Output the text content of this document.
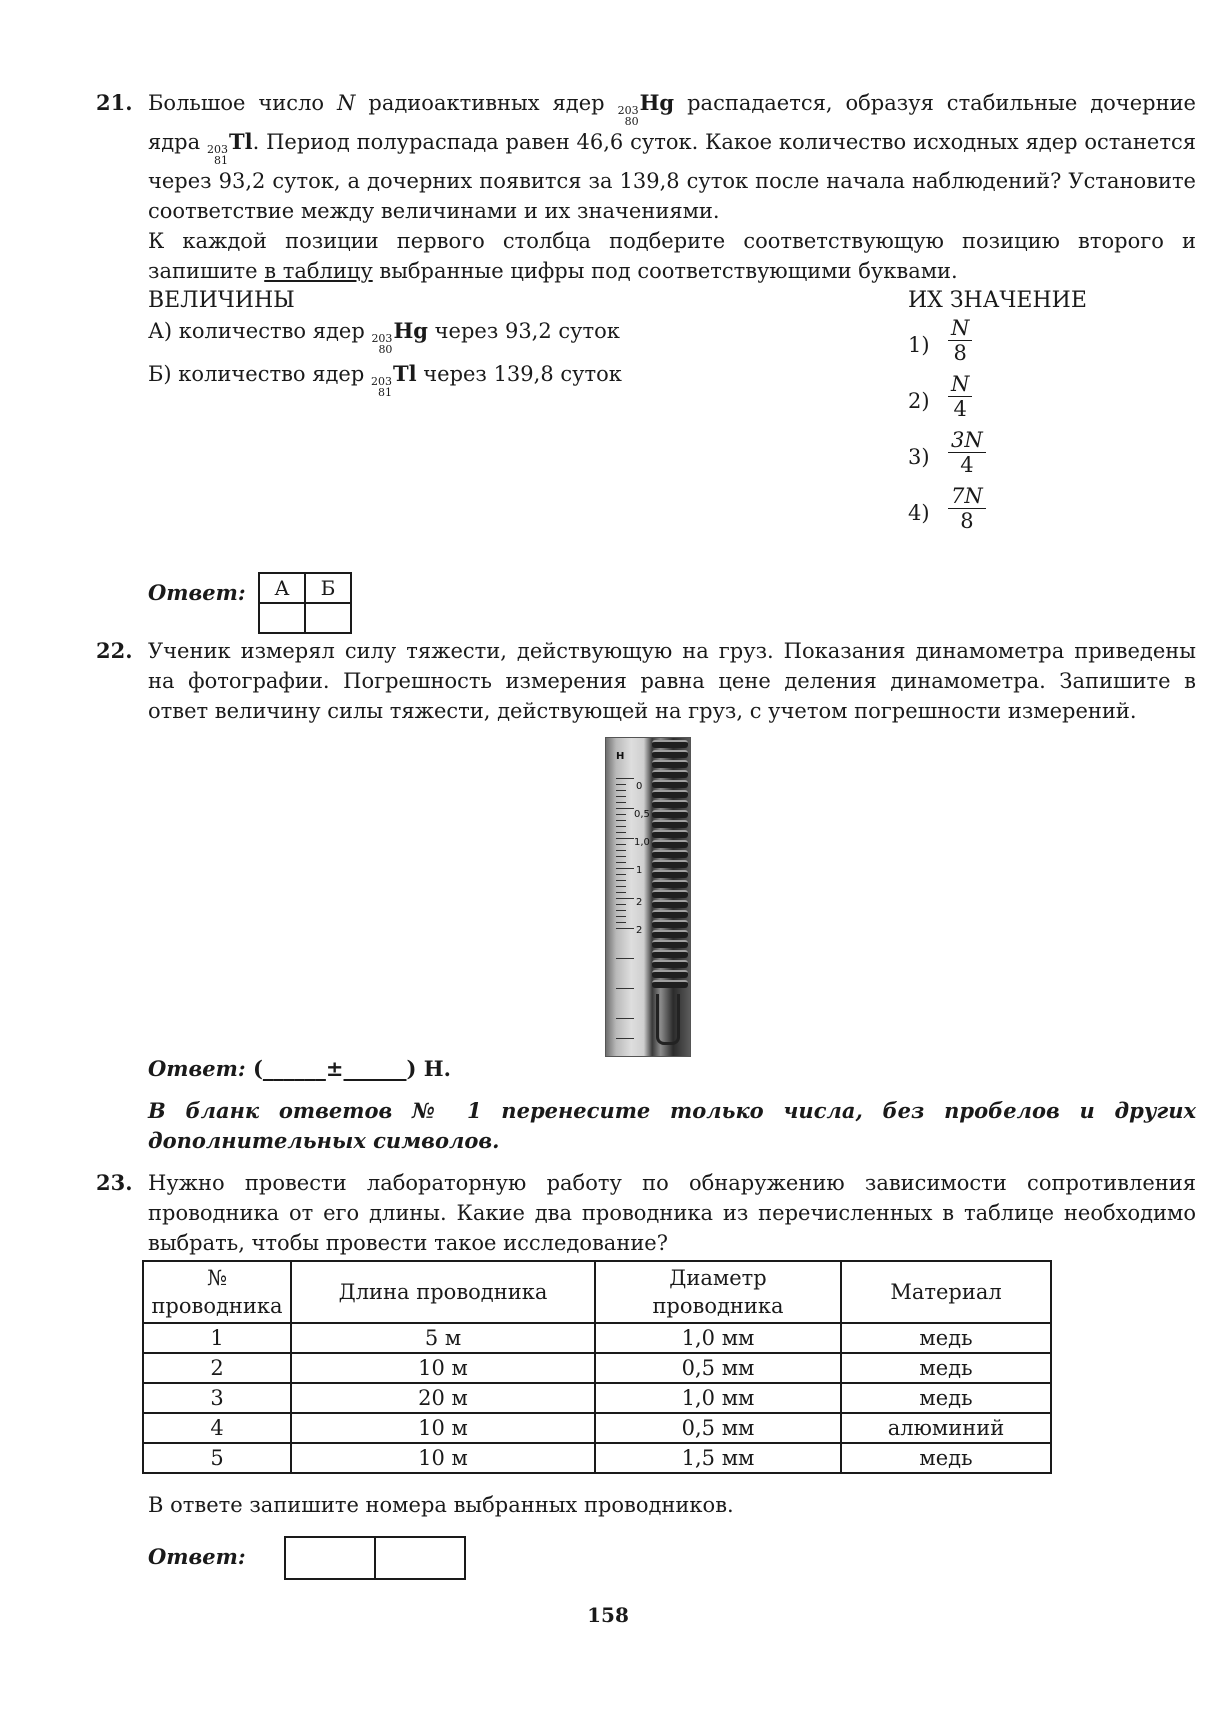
21. Большое число N радиоактивных ядер 203
80
Hg распадается, образуя стабильные дочерние ядра 203
81
Tl. Период полураспада равен 46,6 суток. Какое количество исходных ядер останется через 93,2 суток, а дочерних появится за 139,8 суток после начала наблюдений? Установите соответствие между величинами и их значениями.

К каждой позиции первого столбца подберите соответствующую позицию второго и запишите в таблицу выбранные цифры под соответствующими буквами.

ВЕЛИЧИНЫ
А) количество ядер 203
80
Hg через 93,2 суток
Б) количество ядер 203
81
Tl через 139,8 суток
ИХ ЗНАЧЕНИЕ
$1) \frac{N}{8}$
$2) \frac{N}{4}$
$3) \frac{3N}{4}$
$4) \frac{7N}{8}$
Ответ: А	Б

22. Ученик измерял силу тяжести, действующую на груз. Показания динамометра приведены на фотографии. Погрешность измерения равна цене деления динамометра. Запишите в ответ величину силы тяжести, действующей на груз, с учетом погрешности измерений.

Н
0
0,5
1,0
1
2
2

Ответ: (______±______) Н.

В бланк ответов № 1 перенесите только числа, без пробелов и других дополнительных символов.

23. Нужно провести лабораторную работу по обнаружению зависимости сопротивления проводника от его длины. Какие два проводника из перечисленных в таблице необходимо выбрать, чтобы провести такое исследование?

№ проводника	Длина проводника	Диаметр проводника	Материал
1	5 м	1,0 мм	медь
2	10 м	0,5 мм	медь
3	20 м	1,0 мм	медь
4	10 м	0,5 мм	алюминий
5	10 м	1,5 мм	медь

В ответе запишите номера выбранных проводников.

Ответ:

158
